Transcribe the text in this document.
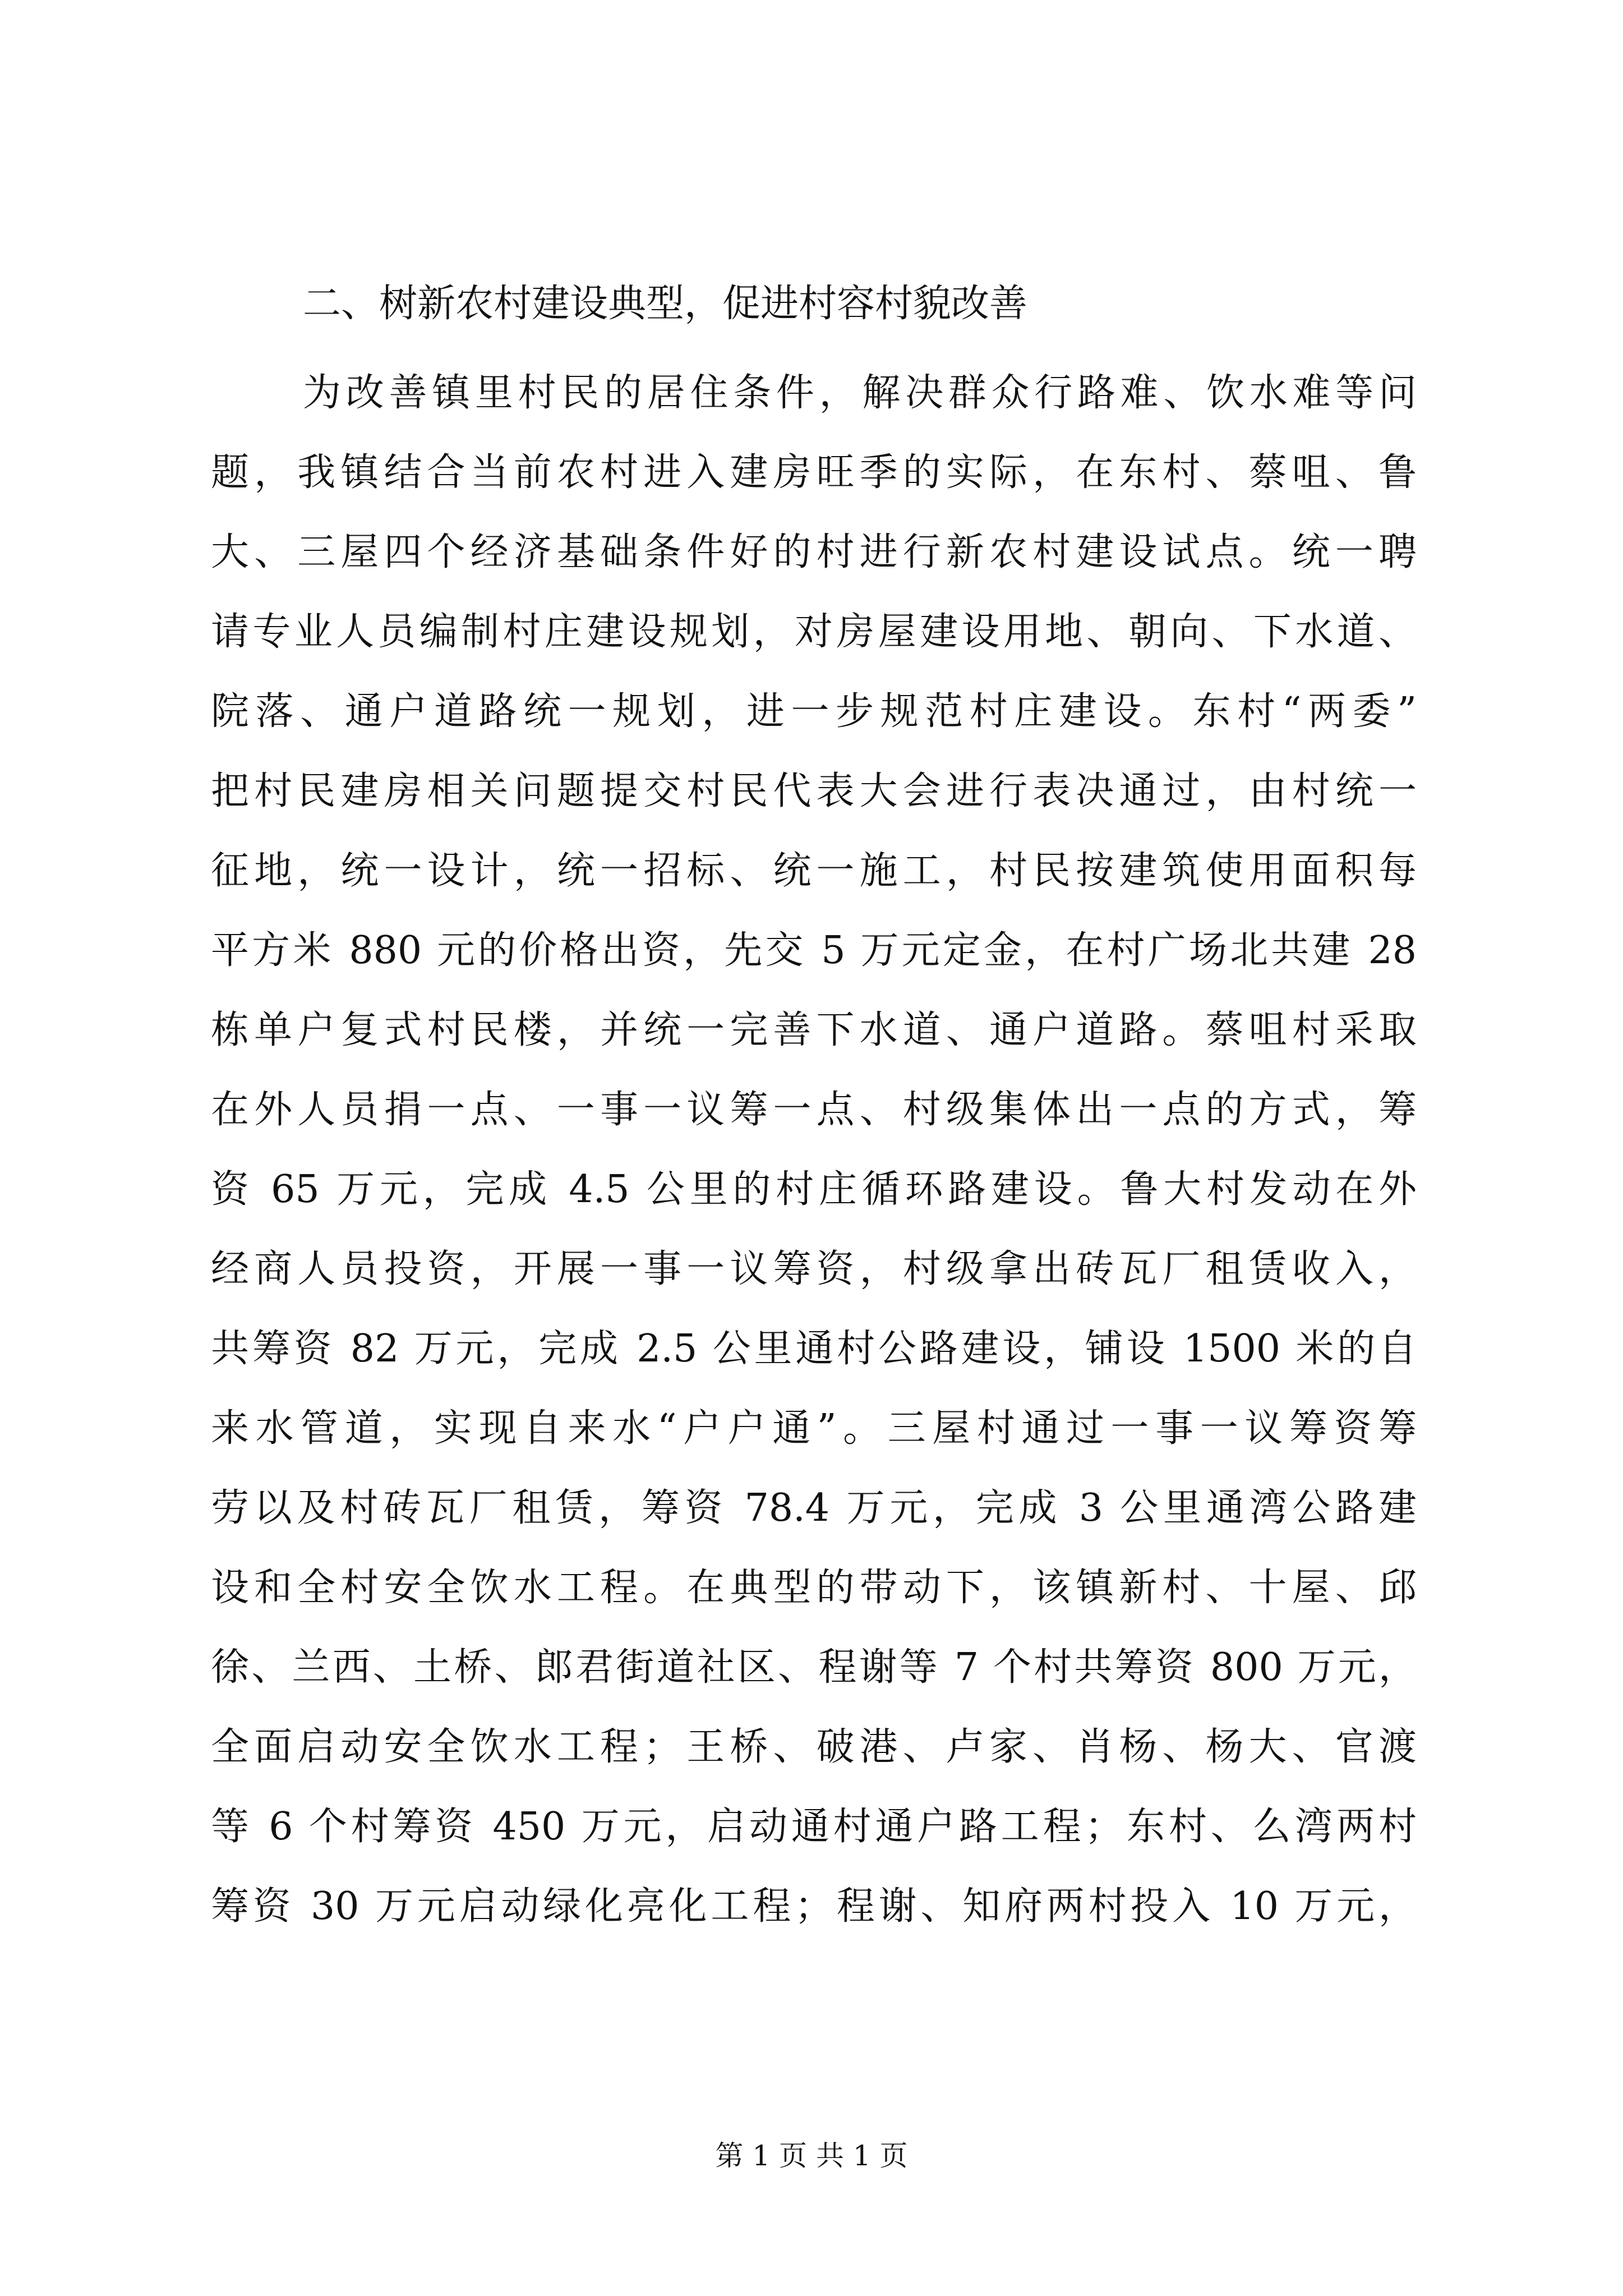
二、树新农村建设典型，促进村容村貌改善
为改善镇里村民的居住条件，解决群众行路难、饮水难等问
题，我镇结合当前农村进入建房旺季的实际，在东村、蔡咀、鲁
大、三屋四个经济基础条件好的村进行新农村建设试点。统一聘
请专业人员编制村庄建设规划，对房屋建设用地、朝向、下水道、
院落、通户道路统一规划，进一步规范村庄建设。东村“两委”
把村民建房相关问题提交村民代表大会进行表决通过，由村统一
征地，统一设计，统一招标、统一施工，村民按建筑使用面积每
平方米 880 元的价格出资，先交 5 万元定金，在村广场北共建 28
栋单户复式村民楼，并统一完善下水道、通户道路。蔡咀村采取
在外人员捐一点、一事一议筹一点、村级集体出一点的方式，筹
资 65 万元，完成 4.5 公里的村庄循环路建设。鲁大村发动在外
经商人员投资，开展一事一议筹资，村级拿出砖瓦厂租赁收入，
共筹资 82 万元，完成 2.5 公里通村公路建设，铺设 1500 米的自
来水管道，实现自来水“户户通”。三屋村通过一事一议筹资筹
劳以及村砖瓦厂租赁，筹资 78.4 万元，完成 3 公里通湾公路建
设和全村安全饮水工程。在典型的带动下，该镇新村、十屋、邱
徐、兰西、土桥、郎君街道社区、程谢等 7 个村共筹资 800 万元，
全面启动安全饮水工程；王桥、破港、卢家、肖杨、杨大、官渡
等 6 个村筹资 450 万元，启动通村通户路工程；东村、么湾两村
筹资 30 万元启动绿化亮化工程；程谢、知府两村投入 10 万元，
第 1 页 共 1 页
